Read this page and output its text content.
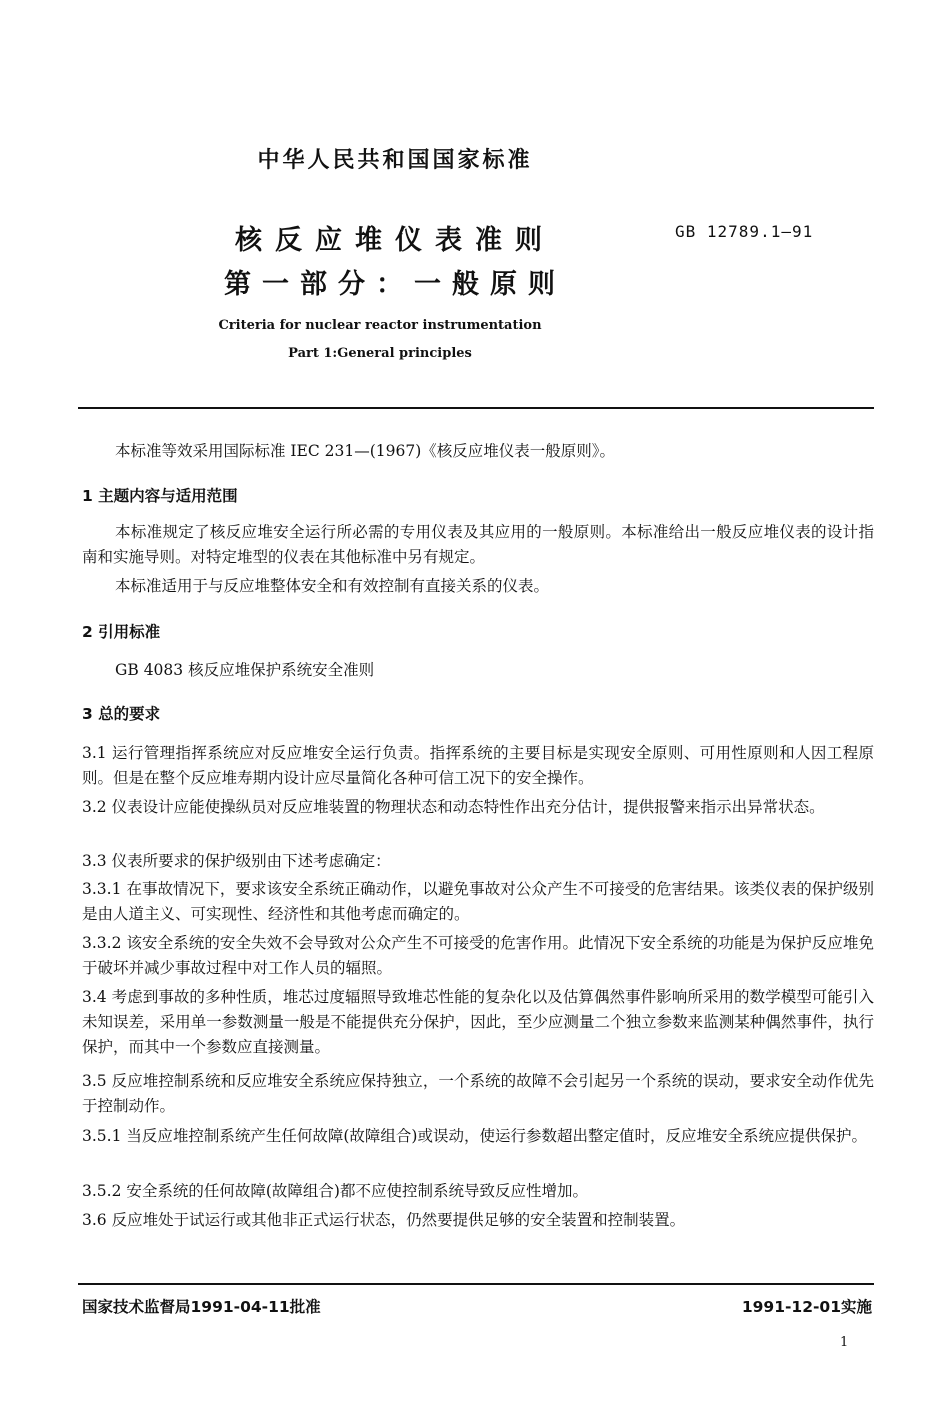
中华人民共和国国家标准
核反应堆仪表准则
第一部分：一般原则
GB 12789.1—91
Criteria for nuclear reactor instrumentation
Part 1:General principles
本标准等效采用国际标准 IEC 231—(1967)《核反应堆仪表一般原则》。
1 主题内容与适用范围
本标准规定了核反应堆安全运行所必需的专用仪表及其应用的一般原则。本标准给出一般反应堆仪表的设计指南和实施导则。对特定堆型的仪表在其他标准中另有规定。
本标准适用于与反应堆整体安全和有效控制有直接关系的仪表。
2 引用标准
GB 4083 核反应堆保护系统安全准则
3 总的要求
3.1 运行管理指挥系统应对反应堆安全运行负责。指挥系统的主要目标是实现安全原则、可用性原则和人因工程原则。但是在整个反应堆寿期内设计应尽量简化各种可信工况下的安全操作。
3.2 仪表设计应能使操纵员对反应堆装置的物理状态和动态特性作出充分估计，提供报警来指示出异常状态。
3.3 仪表所要求的保护级别由下述考虑确定：
3.3.1 在事故情况下，要求该安全系统正确动作，以避免事故对公众产生不可接受的危害结果。该类仪表的保护级别是由人道主义、可实现性、经济性和其他考虑而确定的。
3.3.2 该安全系统的安全失效不会导致对公众产生不可接受的危害作用。此情况下安全系统的功能是为保护反应堆免于破坏并减少事故过程中对工作人员的辐照。
3.4 考虑到事故的多种性质，堆芯过度辐照导致堆芯性能的复杂化以及估算偶然事件影响所采用的数学模型可能引入未知误差，采用单一参数测量一般是不能提供充分保护，因此，至少应测量二个独立参数来监测某种偶然事件，执行保护，而其中一个参数应直接测量。
3.5 反应堆控制系统和反应堆安全系统应保持独立，一个系统的故障不会引起另一个系统的误动，要求安全动作优先于控制动作。
3.5.1 当反应堆控制系统产生任何故障(故障组合)或误动，使运行参数超出整定值时，反应堆安全系统应提供保护。
3.5.2 安全系统的任何故障(故障组合)都不应使控制系统导致反应性增加。
3.6 反应堆处于试运行或其他非正式运行状态，仍然要提供足够的安全装置和控制装置。
国家技术监督局1991-04-11批准	1991-12-01实施
1
